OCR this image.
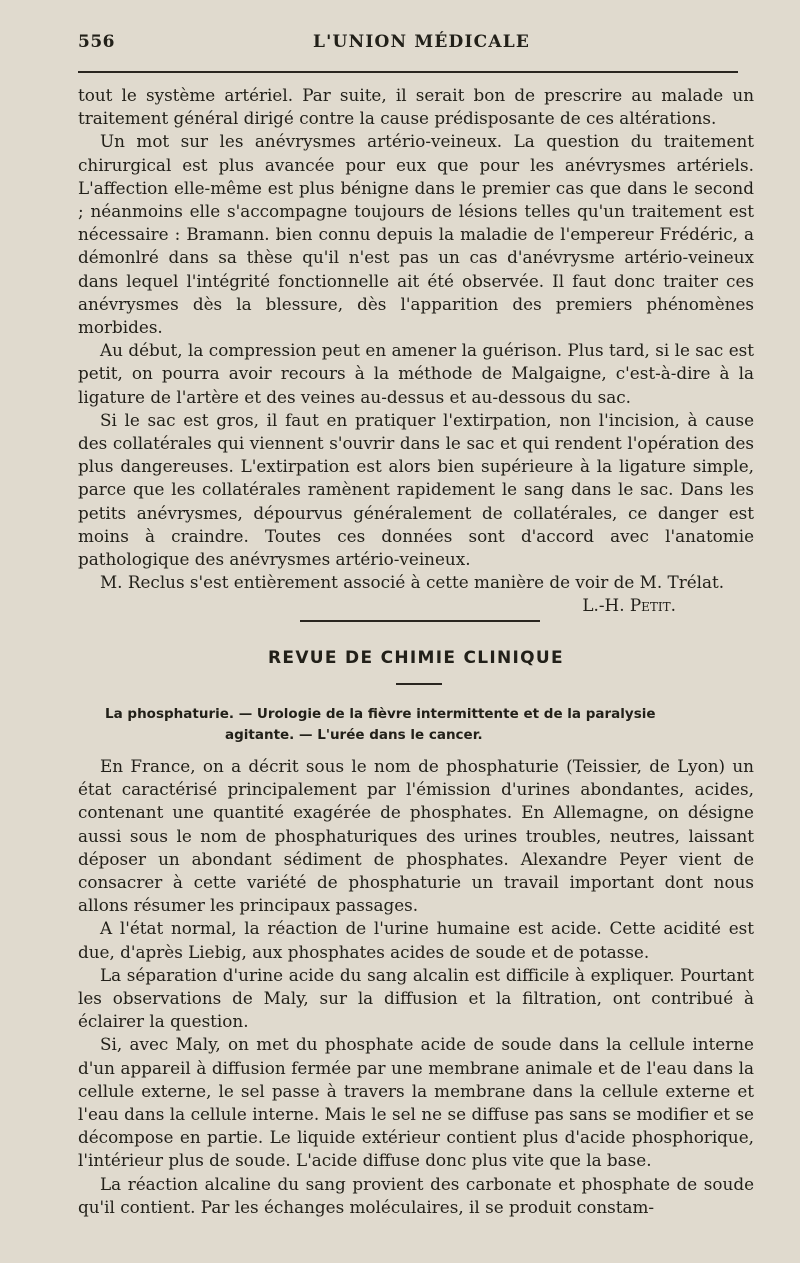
556	L'UNION MÉDICALE

tout le système artériel. Par suite, il serait bon de prescrire au malade un traitement général dirigé contre la cause prédisposante de ces altérations.

Un mot sur les anévrysmes artério-veineux. La question du traitement chirurgical est plus avancée pour eux que pour les anévrysmes artériels. L'affection elle-même est plus bénigne dans le premier cas que dans le second ; néanmoins elle s'accompagne toujours de lésions telles qu'un traitement est nécessaire : Bramann. bien connu depuis la maladie de l'empereur Frédéric, a démonlré dans sa thèse qu'il n'est pas un cas d'anévrysme artério-veineux dans lequel l'intégrité fonctionnelle ait été observée. Il faut donc traiter ces anévrysmes dès la blessure, dès l'apparition des premiers phénomènes morbides.

Au début, la compression peut en amener la guérison. Plus tard, si le sac est petit, on pourra avoir recours à la méthode de Malgaigne, c'est-à-dire à la ligature de l'artère et des veines au-dessus et au-dessous du sac.

Si le sac est gros, il faut en pratiquer l'extirpation, non l'incision, à cause des collatérales qui viennent s'ouvrir dans le sac et qui rendent l'opération des plus dangereuses. L'extirpation est alors bien supérieure à la ligature simple, parce que les collatérales ramènent rapidement le sang dans le sac. Dans les petits anévrysmes, dépourvus généralement de collatérales, ce danger est moins à craindre. Toutes ces données sont d'accord avec l'anatomie pathologique des anévrysmes artério-veineux.

M. Reclus s'est entièrement associé à cette manière de voir de M. Trélat.

L.-H. Petit.

REVUE DE CHIMIE CLINIQUE
La phosphaturie. — Urologie de la fièvre intermittente et de la paralysie
agitante. — L'urée dans le cancer.

En France, on a décrit sous le nom de phosphaturie (Teissier, de Lyon) un état caractérisé principalement par l'émission d'urines abondantes, acides, contenant une quantité exagérée de phosphates. En Allemagne, on désigne aussi sous le nom de phosphaturiques des urines troubles, neutres, laissant déposer un abondant sédiment de phosphates. Alexandre Peyer vient de consacrer à cette variété de phosphaturie un travail important dont nous allons résumer les principaux passages.

A l'état normal, la réaction de l'urine humaine est acide. Cette acidité est due, d'après Liebig, aux phosphates acides de soude et de potasse.

La séparation d'urine acide du sang alcalin est difficile à expliquer. Pourtant les observations de Maly, sur la diffusion et la filtration, ont contribué à éclairer la question.

Si, avec Maly, on met du phosphate acide de soude dans la cellule interne d'un appareil à diffusion fermée par une membrane animale et de l'eau dans la cellule externe, le sel passe à travers la membrane dans la cellule externe et l'eau dans la cellule interne. Mais le sel ne se diffuse pas sans se modifier et se décompose en partie. Le liquide extérieur contient plus d'acide phosphorique, l'intérieur plus de soude. L'acide diffuse donc plus vite que la base.

La réaction alcaline du sang provient des carbonate et phosphate de soude qu'il contient. Par les échanges moléculaires, il se produit constam-
